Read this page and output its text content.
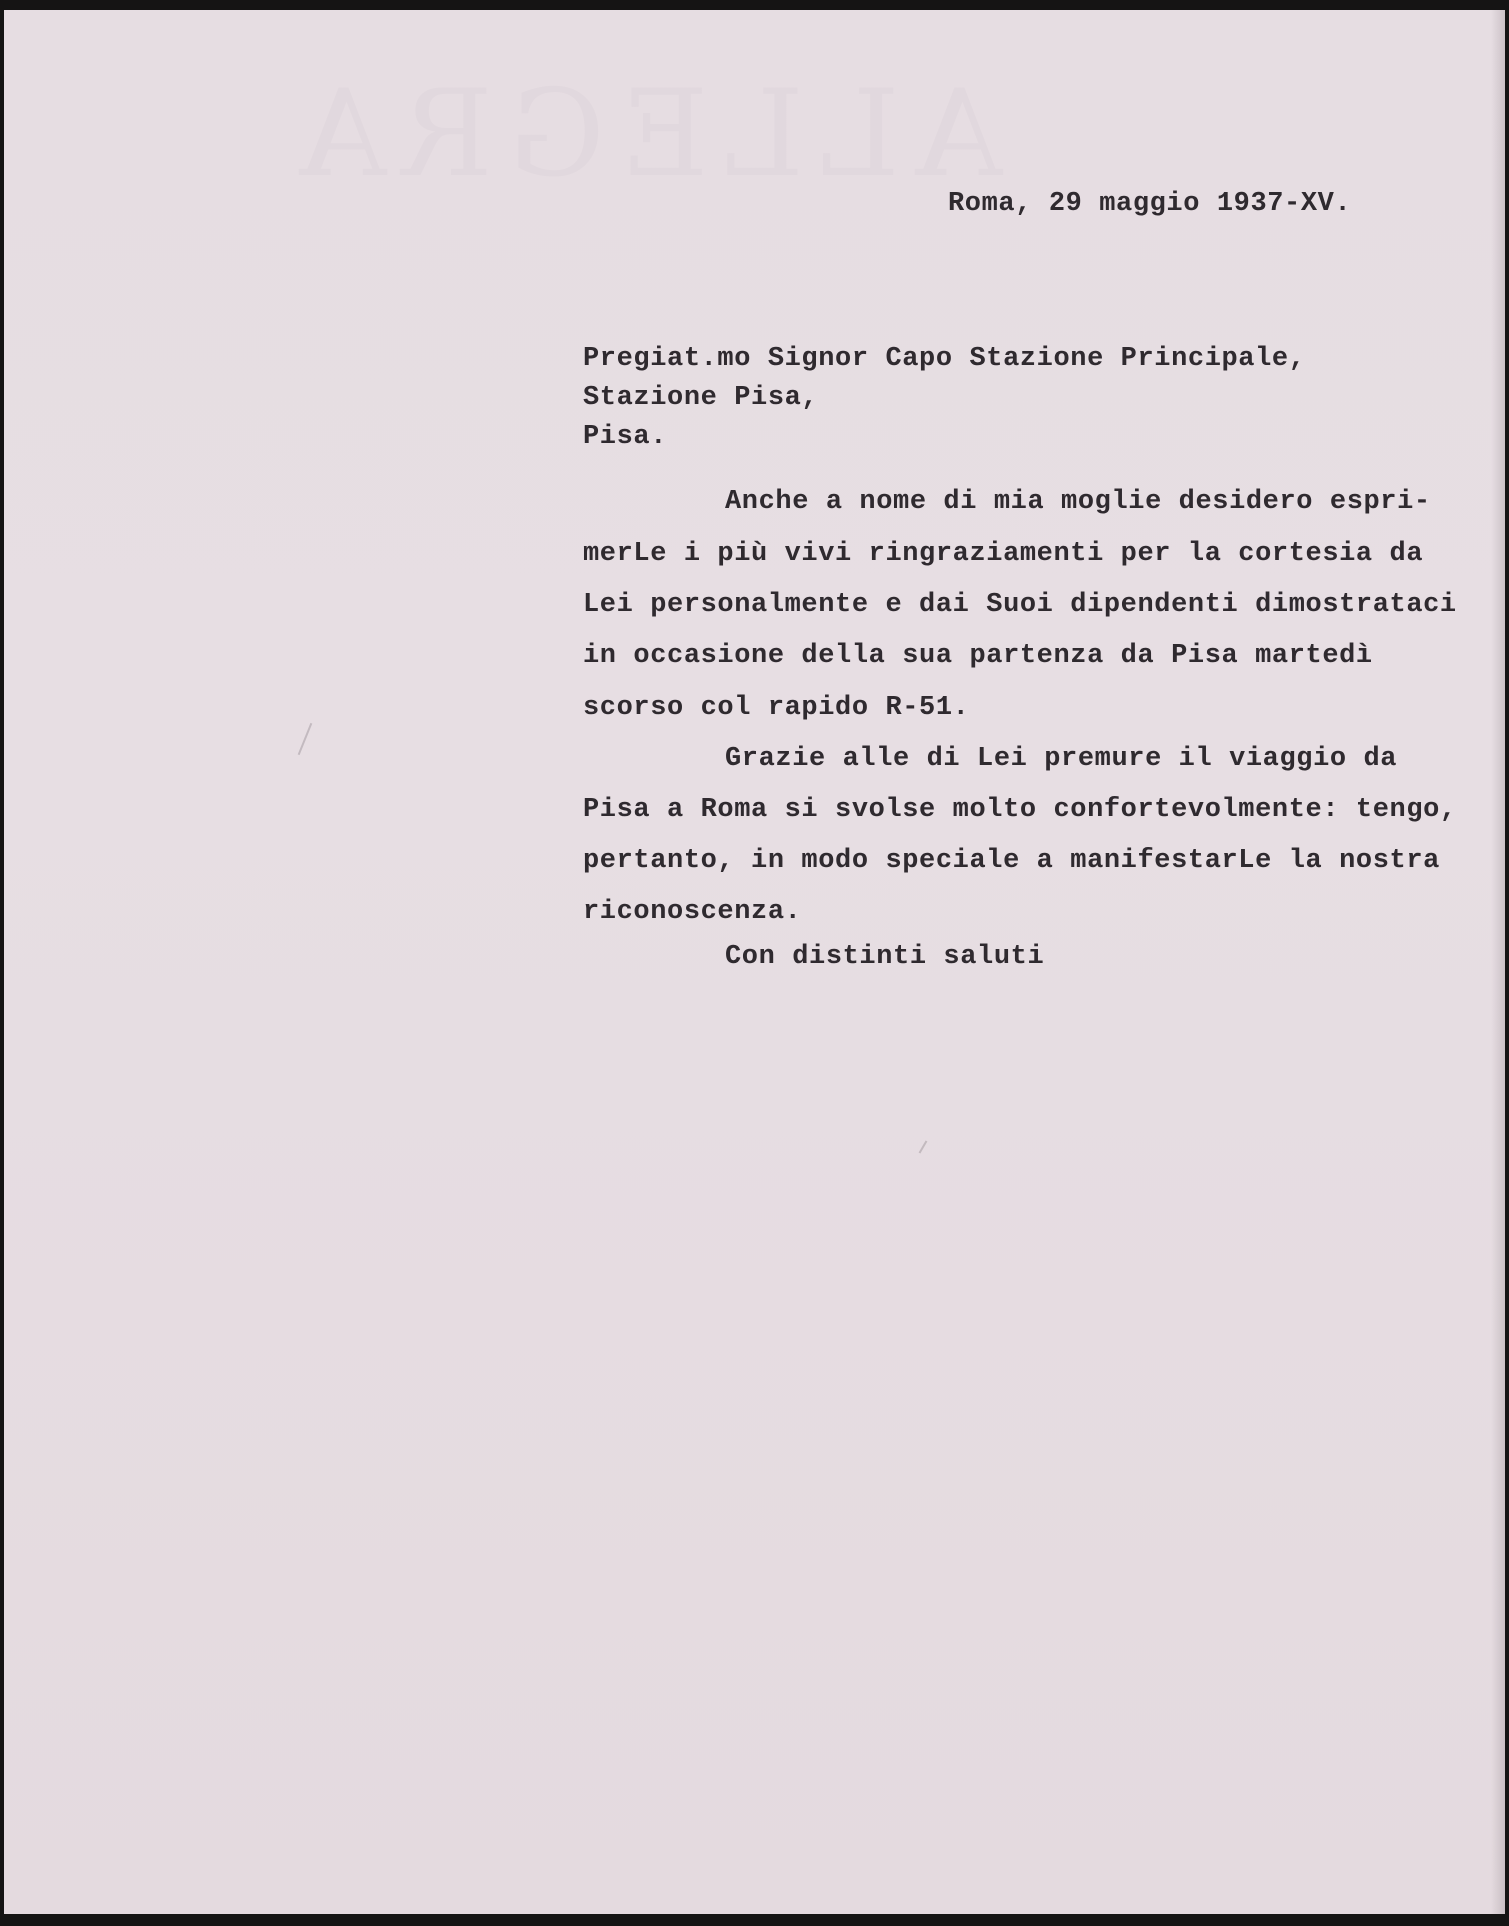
ALLEGRA
Roma, 29 maggio 1937-XV.
Pregiat.mo Signor Capo Stazione Principale,
Stazione Pisa,
Pisa.
Anche a nome di mia moglie desidero espri-
merLe i più vivi ringraziamenti per la cortesia da
Lei personalmente e dai Suoi dipendenti dimostrataci
in occasione della sua partenza da Pisa martedì
scorso col rapido R-51.
Grazie alle di Lei premure il viaggio da
Pisa a Roma si svolse molto confortevolmente: tengo,
pertanto, in modo speciale a manifestarLe la nostra
riconoscenza.
Con distinti saluti
